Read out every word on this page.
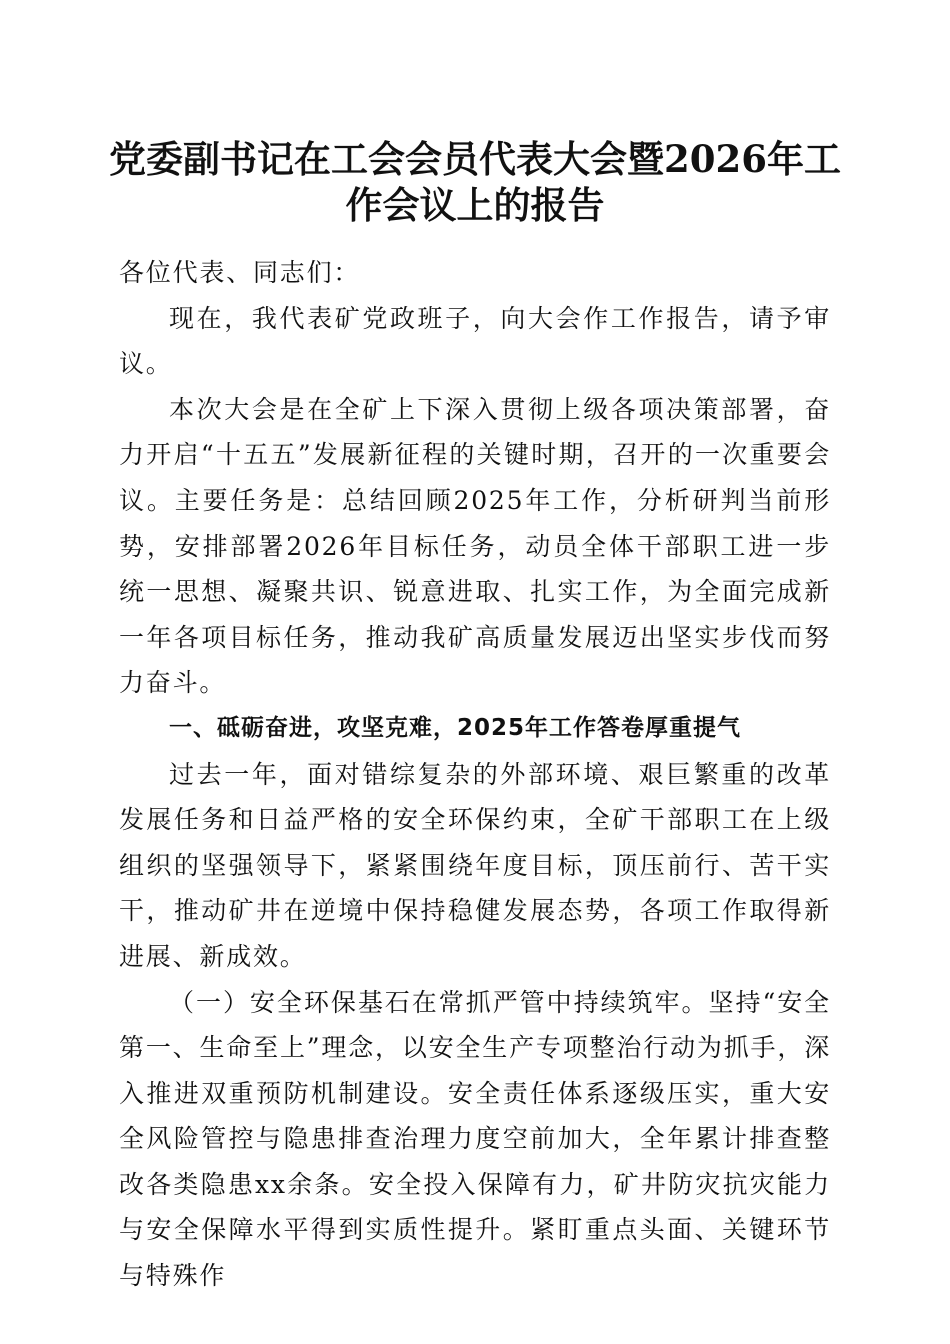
党委副书记在工会会员代表大会暨2026年工
作会议上的报告

各位代表、同志们：

现在，我代表矿党政班子，向大会作工作报告，请予审议。

本次大会是在全矿上下深入贯彻上级各项决策部署，奋力开启“十五五”发展新征程的关键时期，召开的一次重要会议。主要任务是：总结回顾2025年工作，分析研判当前形势，安排部署2026年目标任务，动员全体干部职工进一步统一思想、凝聚共识、锐意进取、扎实工作，为全面完成新一年各项目标任务，推动我矿高质量发展迈出坚实步伐而努力奋斗。

一、砥砺奋进，攻坚克难，2025年工作答卷厚重提气

过去一年，面对错综复杂的外部环境、艰巨繁重的改革发展任务和日益严格的安全环保约束，全矿干部职工在上级组织的坚强领导下，紧紧围绕年度目标，顶压前行、苦干实干，推动矿井在逆境中保持稳健发展态势，各项工作取得新进展、新成效。

（一）安全环保基石在常抓严管中持续筑牢。坚持“安全第一、生命至上”理念，以安全生产专项整治行动为抓手，深入推进双重预防机制建设。安全责任体系逐级压实，重大安全风险管控与隐患排查治理力度空前加大，全年累计排查整改各类隐患xx余条。安全投入保障有力，矿井防灾抗灾能力与安全保障水平得到实质性提升。紧盯重点头面、关键环节与特殊作
